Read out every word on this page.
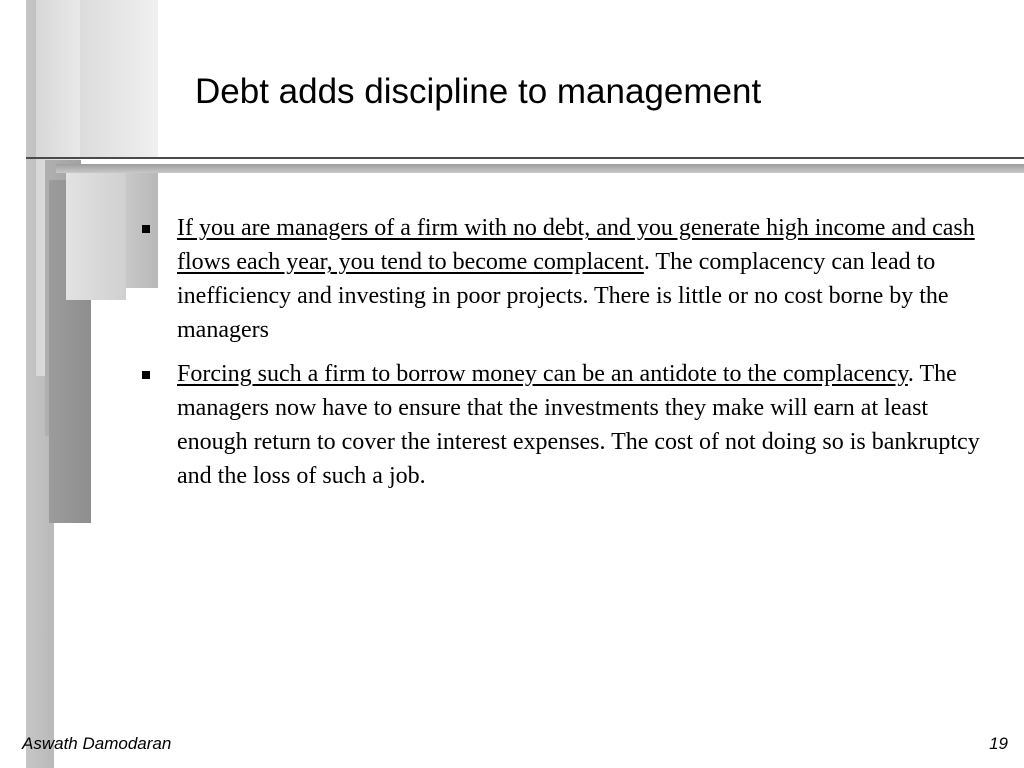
Debt adds discipline to management
If you are managers of a firm with no debt, and you generate high income and cash flows each year, you tend to become complacent. The complacency can lead to inefficiency and investing in poor projects. There is little or no cost borne by the managers
Forcing such a firm to borrow money can be an antidote to the complacency. The managers now have to ensure that the investments they make will earn at least enough return to cover the interest expenses. The cost of not doing so is bankruptcy and the loss of such a job.
Aswath Damodaran	19
